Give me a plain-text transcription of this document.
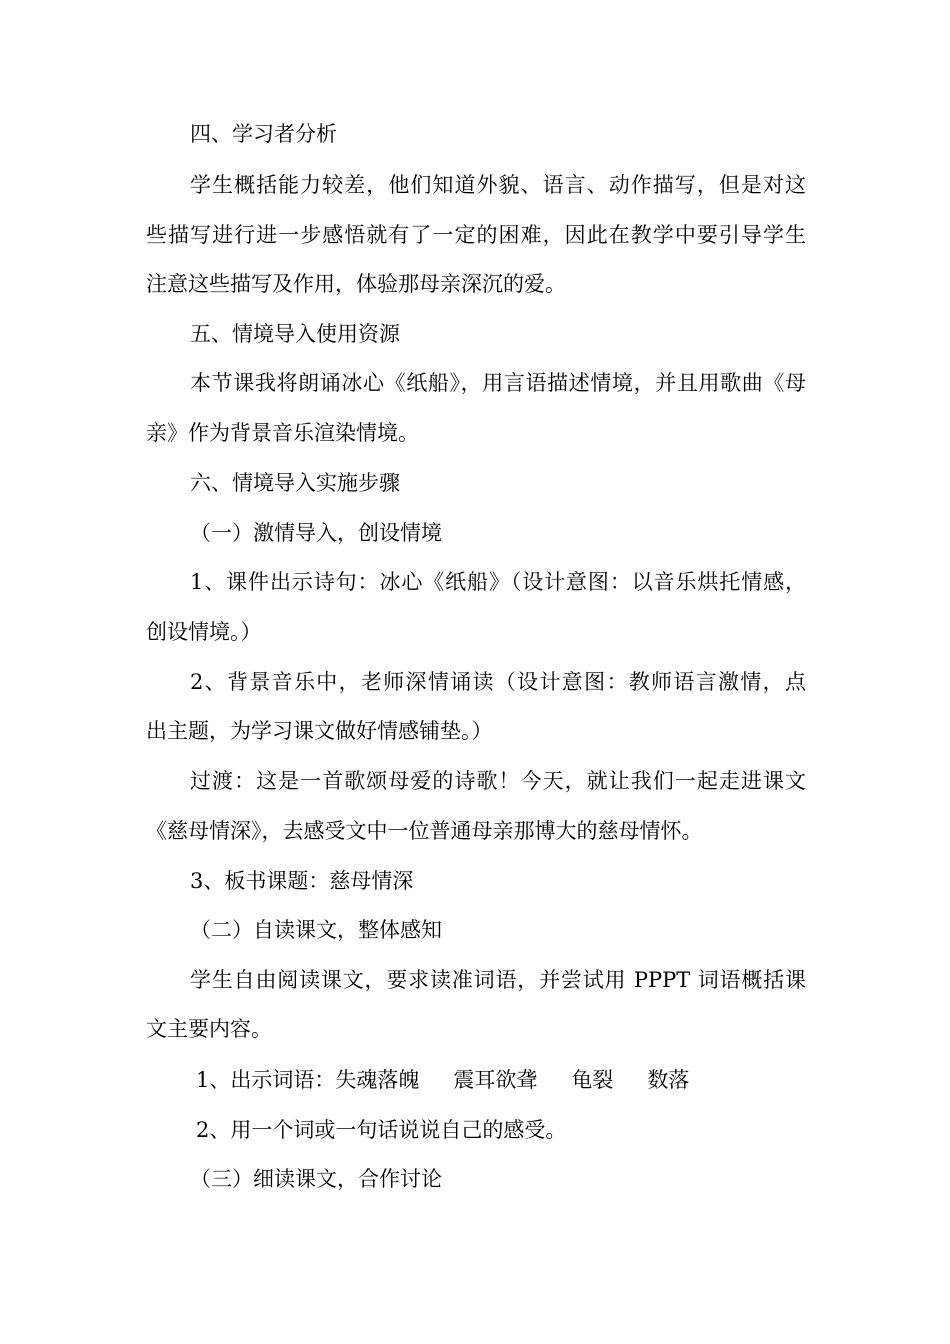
四、学习者分析
学生概括能力较差，他们知道外貌、语言、动作描写，但是对这
些描写进行进一步感悟就有了一定的困难，因此在教学中要引导学生
注意这些描写及作用，体验那母亲深沉的爱。
五、情境导入使用资源
本节课我将朗诵冰心《纸船》，用言语描述情境，并且用歌曲《母
亲》作为背景音乐渲染情境。
六、情境导入实施步骤
（一）激情导入，创设情境
1、课件出示诗句：冰心《纸船》（设计意图：以音乐烘托情感，
创设情境。）
2、背景音乐中，老师深情诵读（设计意图：教师语言激情，点
出主题，为学习课文做好情感铺垫。）
过渡：这是一首歌颂母爱的诗歌！今天，就让我们一起走进课文
《慈母情深》，去感受文中一位普通母亲那博大的慈母情怀。
3、板书课题：慈母情深
（二）自读课文，整体感知
学生自由阅读课文，要求读准词语，并尝试用 PPPT 词语概括课
文主要内容。
1、出示词语：失魂落魄 震耳欲聋 龟裂 数落
2、用一个词或一句话说说自己的感受。
（三）细读课文，合作讨论
